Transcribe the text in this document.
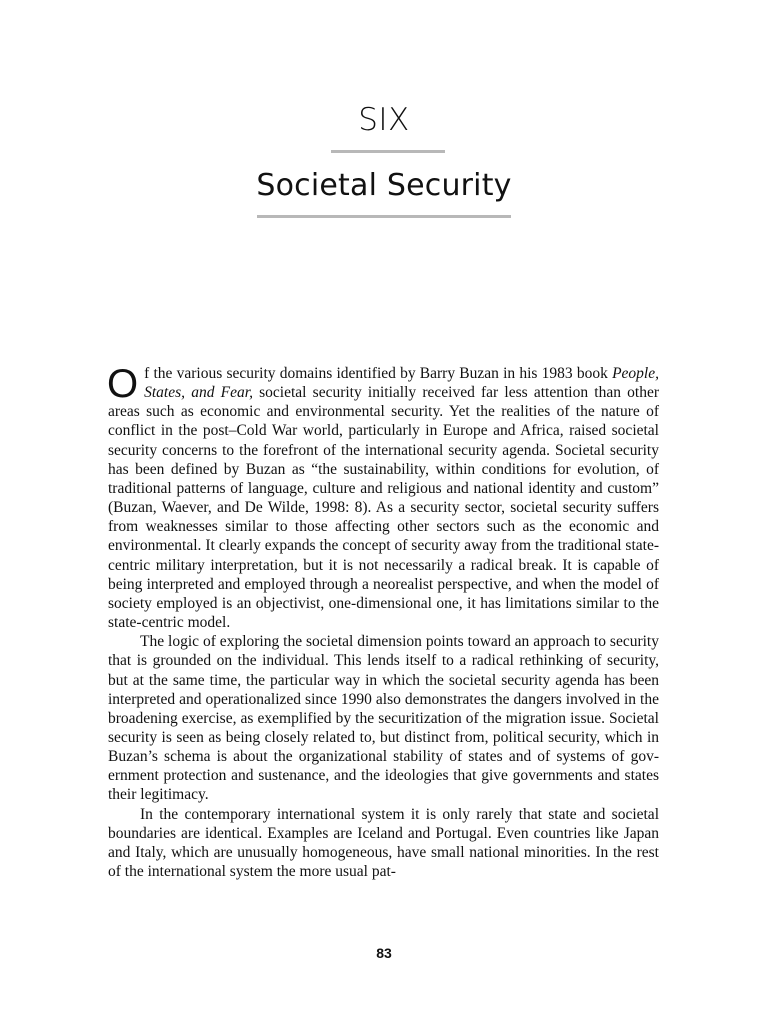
SIX
Societal Security

Of the various security domains identified by Barry Buzan in his 1983 book People, States, and Fear, societal security initially received far less attention than other areas such as economic and environmental security. Yet the realities of the nature of conflict in the post–Cold War world, particularly in Europe and Africa, raised societal security concerns to the forefront of the international security agenda. Societal security has been defined by Buzan as “the sustainability, within conditions for evolution, of traditional patterns of language, culture and religious and national identity and custom” (Buzan, Waever, and De Wilde, 1998: 8). As a security sector, societal security suffers from weaknesses similar to those affecting other sectors such as the economic and environmental. It clearly expands the concept of security away from the traditional state-centric military interpretation, but it is not necessarily a radical break. It is capable of being interpreted and employed through a neorealist perspective, and when the model of society employed is an objectivist, one-dimensional one, it has limitations similar to the state-centric model.

The logic of exploring the societal dimension points toward an approach to security that is grounded on the individual. This lends itself to a radical rethinking of security, but at the same time, the particular way in which the societal security agenda has been interpreted and operationalized since 1990 also demonstrates the dangers involved in the broadening exercise, as exemplified by the securitization of the migration issue. Societal security is seen as being closely related to, but distinct from, political security, which in Buzan’s schema is about the organizational stability of states and of systems of government protection and sustenance, and the ideologies that give governments and states their legitimacy.

In the contemporary international system it is only rarely that state and societal boundaries are identical. Examples are Iceland and Portugal. Even countries like Japan and Italy, which are unusually homogeneous, have small national minorities. In the rest of the international system the more usual pat-

83
